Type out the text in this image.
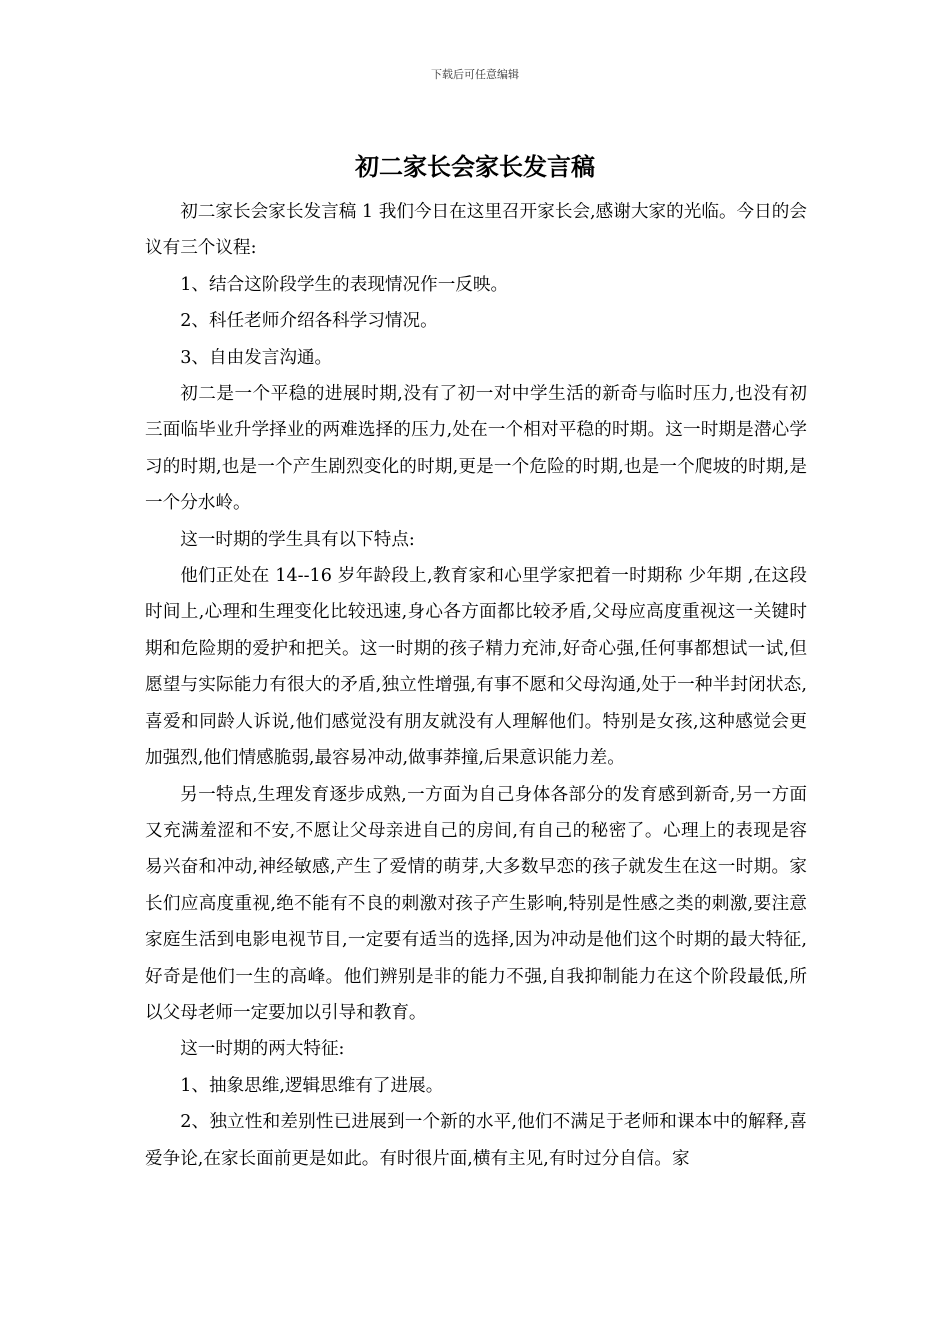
下载后可任意编辑
初二家长会家长发言稿

初二家长会家长发言稿 1 我们今日在这里召开家长会,感谢大家的光临。今日的会议有三个议程:

1、结合这阶段学生的表现情况作一反映。

2、科任老师介绍各科学习情况。

3、自由发言沟通。

初二是一个平稳的进展时期,没有了初一对中学生活的新奇与临时压力,也没有初三面临毕业升学择业的两难选择的压力,处在一个相对平稳的时期。这一时期是潜心学习的时期,也是一个产生剧烈变化的时期,更是一个危险的时期,也是一个爬坡的时期,是一个分水岭。

这一时期的学生具有以下特点:

他们正处在 14--16 岁年龄段上,教育家和心里学家把着一时期称 少年期 ,在这段时间上,心理和生理变化比较迅速,身心各方面都比较矛盾,父母应高度重视这一关键时期和危险期的爱护和把关。这一时期的孩子精力充沛,好奇心强,任何事都想试一试,但愿望与实际能力有很大的矛盾,独立性增强,有事不愿和父母沟通,处于一种半封闭状态,喜爱和同龄人诉说,他们感觉没有朋友就没有人理解他们。特别是女孩,这种感觉会更加强烈,他们情感脆弱,最容易冲动,做事莽撞,后果意识能力差。

另一特点,生理发育逐步成熟,一方面为自己身体各部分的发育感到新奇,另一方面又充满羞涩和不安,不愿让父母亲进自己的房间,有自己的秘密了。心理上的表现是容易兴奋和冲动,神经敏感,产生了爱情的萌芽,大多数早恋的孩子就发生在这一时期。家长们应高度重视,绝不能有不良的刺激对孩子产生影响,特别是性感之类的刺激,要注意家庭生活到电影电视节目,一定要有适当的选择,因为冲动是他们这个时期的最大特征,好奇是他们一生的高峰。他们辨别是非的能力不强,自我抑制能力在这个阶段最低,所以父母老师一定要加以引导和教育。

这一时期的两大特征:

1、抽象思维,逻辑思维有了进展。

2、独立性和差别性已进展到一个新的水平,他们不满足于老师和课本中的解释,喜爱争论,在家长面前更是如此。有时很片面,横有主见,有时过分自信。家
